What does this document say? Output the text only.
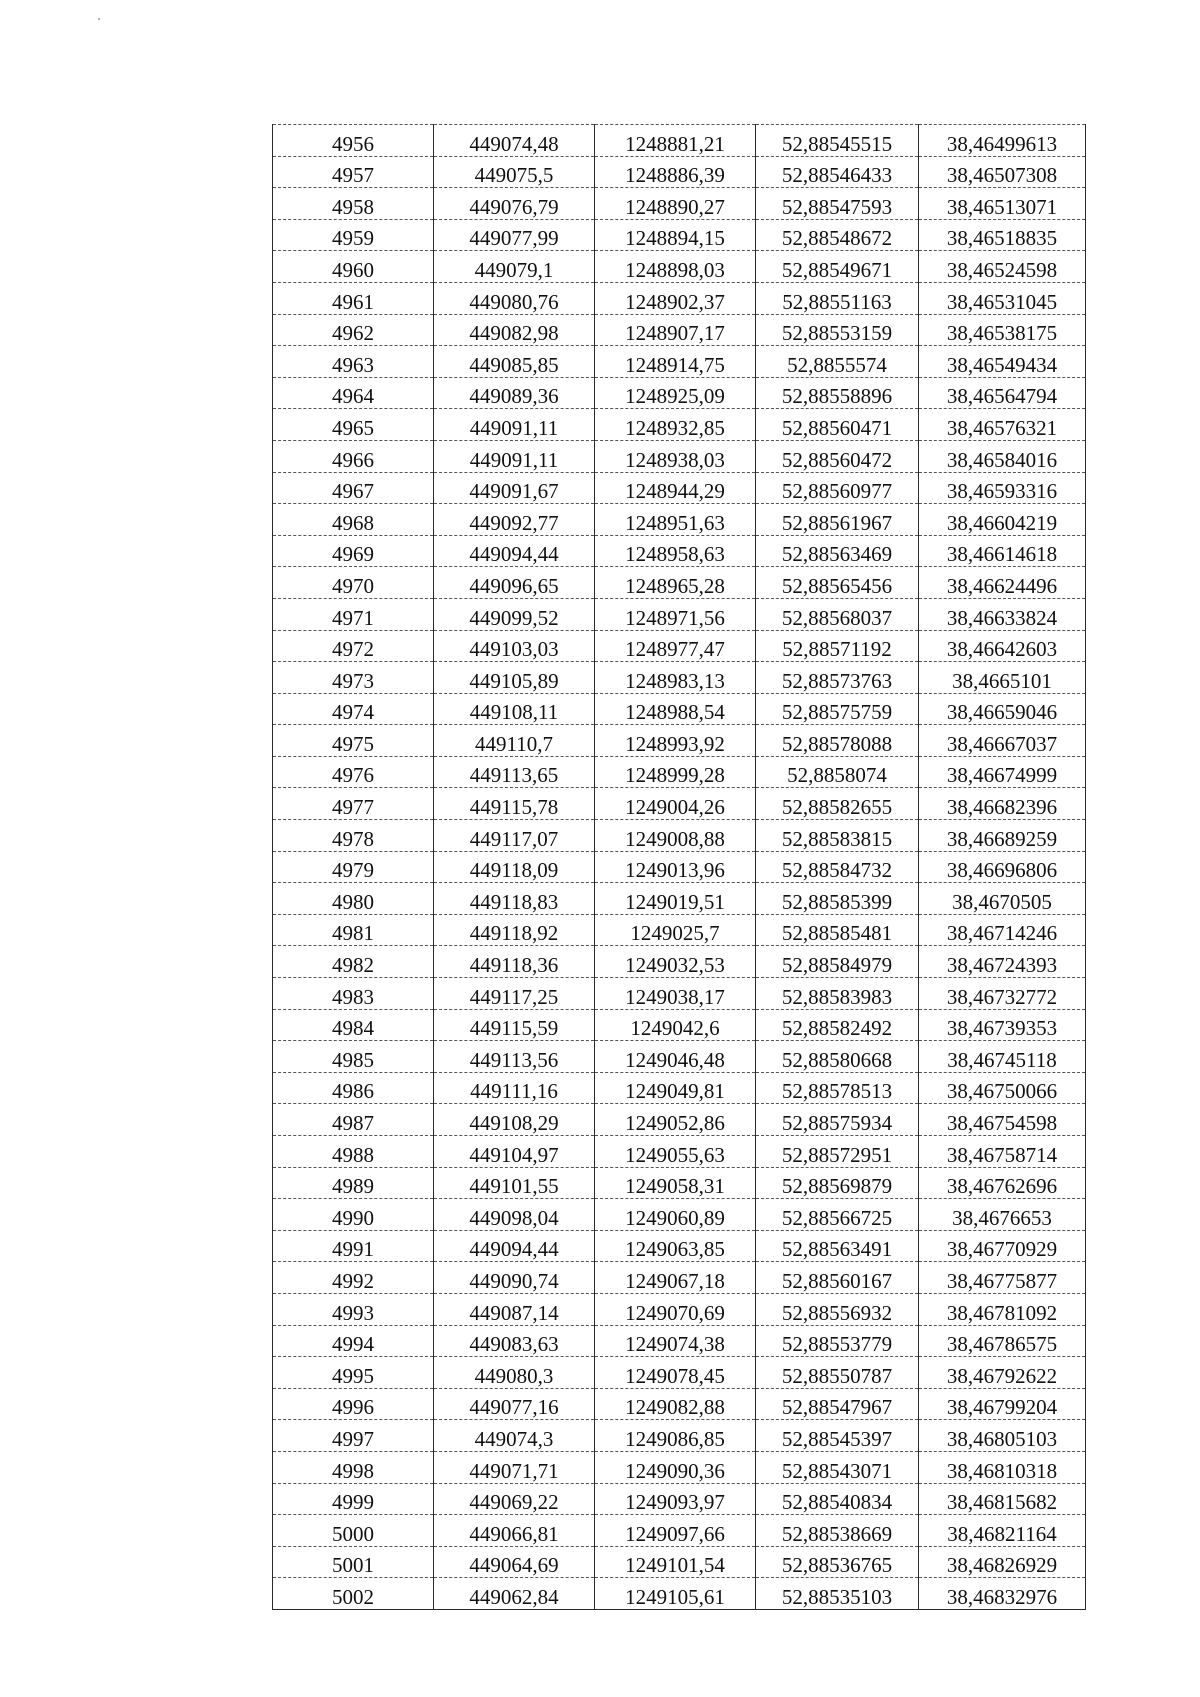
4956	449074,48	1248881,21	52,88545515	38,46499613
4957	449075,5	1248886,39	52,88546433	38,46507308
4958	449076,79	1248890,27	52,88547593	38,46513071
4959	449077,99	1248894,15	52,88548672	38,46518835
4960	449079,1	1248898,03	52,88549671	38,46524598
4961	449080,76	1248902,37	52,88551163	38,46531045
4962	449082,98	1248907,17	52,88553159	38,46538175
4963	449085,85	1248914,75	52,8855574	38,46549434
4964	449089,36	1248925,09	52,88558896	38,46564794
4965	449091,11	1248932,85	52,88560471	38,46576321
4966	449091,11	1248938,03	52,88560472	38,46584016
4967	449091,67	1248944,29	52,88560977	38,46593316
4968	449092,77	1248951,63	52,88561967	38,46604219
4969	449094,44	1248958,63	52,88563469	38,46614618
4970	449096,65	1248965,28	52,88565456	38,46624496
4971	449099,52	1248971,56	52,88568037	38,46633824
4972	449103,03	1248977,47	52,88571192	38,46642603
4973	449105,89	1248983,13	52,88573763	38,4665101
4974	449108,11	1248988,54	52,88575759	38,46659046
4975	449110,7	1248993,92	52,88578088	38,46667037
4976	449113,65	1248999,28	52,8858074	38,46674999
4977	449115,78	1249004,26	52,88582655	38,46682396
4978	449117,07	1249008,88	52,88583815	38,46689259
4979	449118,09	1249013,96	52,88584732	38,46696806
4980	449118,83	1249019,51	52,88585399	38,4670505
4981	449118,92	1249025,7	52,88585481	38,46714246
4982	449118,36	1249032,53	52,88584979	38,46724393
4983	449117,25	1249038,17	52,88583983	38,46732772
4984	449115,59	1249042,6	52,88582492	38,46739353
4985	449113,56	1249046,48	52,88580668	38,46745118
4986	449111,16	1249049,81	52,88578513	38,46750066
4987	449108,29	1249052,86	52,88575934	38,46754598
4988	449104,97	1249055,63	52,88572951	38,46758714
4989	449101,55	1249058,31	52,88569879	38,46762696
4990	449098,04	1249060,89	52,88566725	38,4676653
4991	449094,44	1249063,85	52,88563491	38,46770929
4992	449090,74	1249067,18	52,88560167	38,46775877
4993	449087,14	1249070,69	52,88556932	38,46781092
4994	449083,63	1249074,38	52,88553779	38,46786575
4995	449080,3	1249078,45	52,88550787	38,46792622
4996	449077,16	1249082,88	52,88547967	38,46799204
4997	449074,3	1249086,85	52,88545397	38,46805103
4998	449071,71	1249090,36	52,88543071	38,46810318
4999	449069,22	1249093,97	52,88540834	38,46815682
5000	449066,81	1249097,66	52,88538669	38,46821164
5001	449064,69	1249101,54	52,88536765	38,46826929
5002	449062,84	1249105,61	52,88535103	38,46832976
